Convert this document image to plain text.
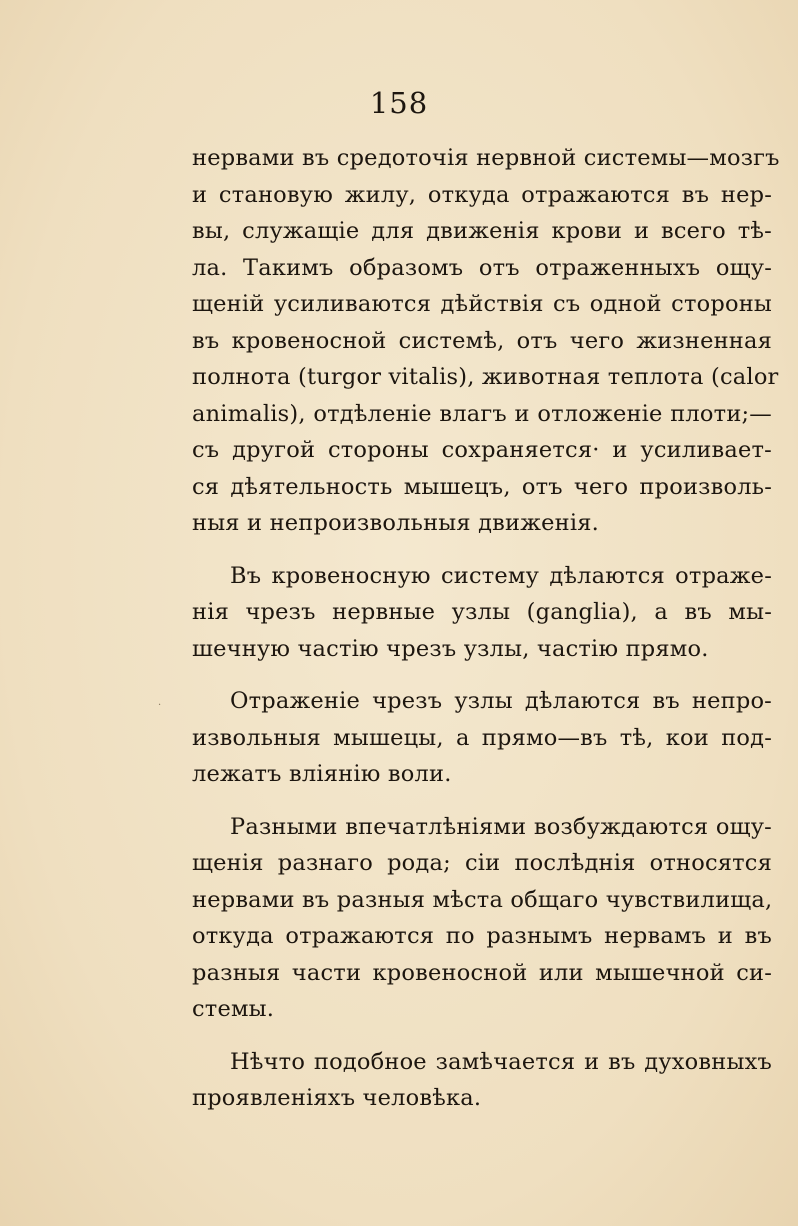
158

нервами въ средоточія нервной системы—мозгъ
и становую жилу, откуда отражаются въ нер-
вы, служащіе для движенія крови и всего тѣ-
ла. Такимъ образомъ отъ отраженныхъ ощу-
щеній усиливаются дѣйствія съ одной стороны
въ кровеносной системѣ, отъ чего жизненная
полнота (turgor vitalis), животная теплота (calor
animalis), отдѣленіе влагъ и отложеніе плоти;—
съ другой стороны сохраняется· и усиливает-
ся дѣятельность мышецъ, отъ чего произволь-
ныя и непроизвольныя движенія.

Въ кровеносную систему дѣлаются отраже-
нія чрезъ нервные узлы (ganglia), а въ мы-
шечную частію чрезъ узлы, частію прямо.

Отраженіе чрезъ узлы дѣлаются въ непро-
извольныя мышецы, а прямо—въ тѣ, кои под-
лежатъ вліянію воли.

Разными впечатлѣніями возбуждаются ощу-
щенія разнаго рода; сіи послѣднія относятся
нервами въ разныя мѣста общаго чувствилища,
откуда отражаются по разнымъ нервамъ и въ
разныя части кровеносной или мышечной си-
стемы.

Нѣчто подобное замѣчается и въ духовныхъ
проявленіяхъ человѣка.

·
